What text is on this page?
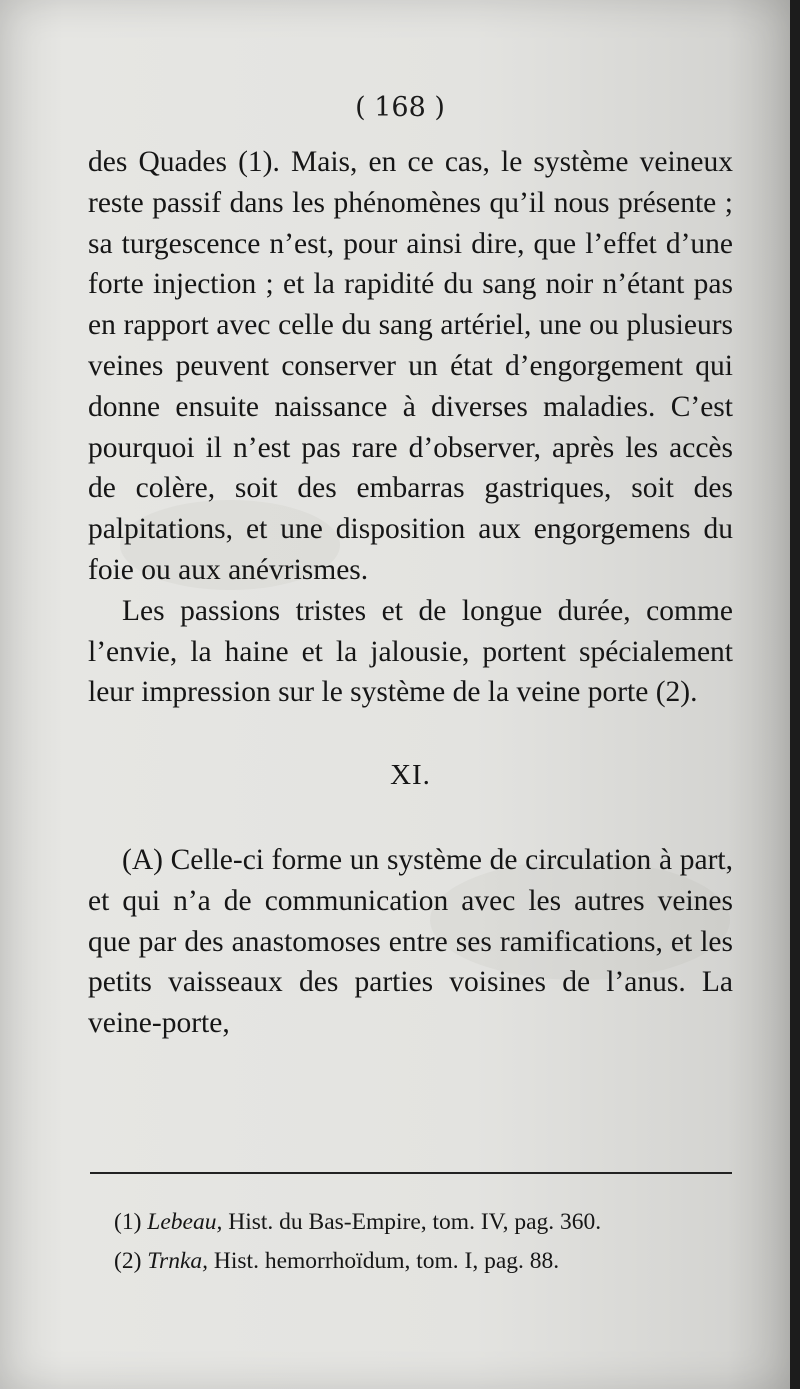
( 168 )

des Quades (1). Mais, en ce cas, le système veineux reste passif dans les phénomènes qu’il nous présente ; sa turgescence n’est, pour ainsi dire, que l’effet d’une forte injection ; et la rapidité du sang noir n’étant pas en rapport avec celle du sang artériel, une ou plusieurs veines peuvent conserver un état d’engorgement qui donne ensuite naissance à diverses maladies. C’est pourquoi il n’est pas rare d’observer, après les accès de colère, soit des embarras gastriques, soit des palpitations, et une disposition aux engorgemens du foie ou aux anévrismes.

Les passions tristes et de longue durée, comme l’envie, la haine et la jalousie, portent spécialement leur impression sur le système de la veine porte (2).

XI.

(A) Celle-ci forme un système de circulation à part, et qui n’a de communication avec les autres veines que par des anastomoses entre ses ramifications, et les petits vaisseaux des parties voisines de l’anus. La veine-porte,

(1) Lebeau, Hist. du Bas-Empire, tom. IV, pag. 360.

(2) Trnka, Hist. hemorrhoïdum, tom. I, pag. 88.
